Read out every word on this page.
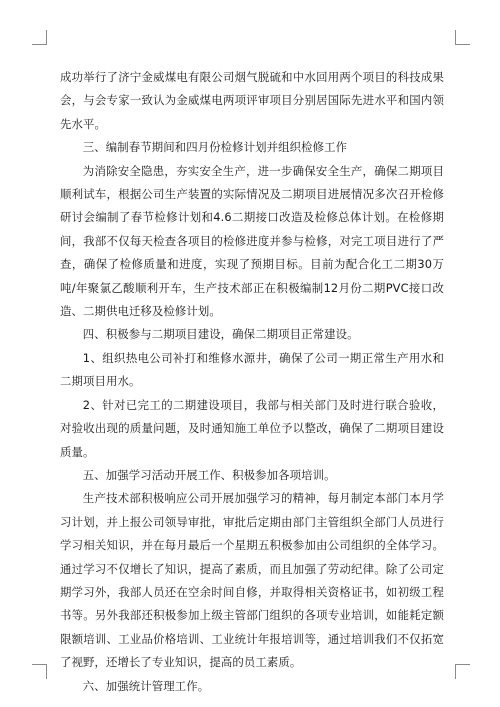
成功举行了济宁金威煤电有限公司烟气脱硫和中水回用两个项目的科技成果会，与会专家一致认为金威煤电两项评审项目分别居国际先进水平和国内领先水平。

三、编制春节期间和四月份检修计划并组织检修工作

为消除安全隐患，夯实安全生产，进一步确保安全生产，确保二期项目顺利试车，根据公司生产装置的实际情况及二期项目进展情况多次召开检修研讨会编制了春节检修计划和4.6二期接口改造及检修总体计划。在检修期间，我部不仅每天检查各项目的检修进度并参与检修，对完工项目进行了严查，确保了检修质量和进度，实现了预期目标。目前为配合化工二期30万吨/年聚氯乙酸顺利开车，生产技术部正在积极编制12月份二期PVC接口改造、二期供电迁移及检修计划。

四、积极参与二期项目建设，确保二期项目正常建设。

1、组织热电公司补打和维修水源井，确保了公司一期正常生产用水和二期项目用水。

2、针对已完工的二期建设项目，我部与相关部门及时进行联合验收，对验收出现的质量问题，及时通知施工单位予以整改，确保了二期项目建设质量。

五、加强学习活动开展工作、积极参加各项培训。

生产技术部积极响应公司开展加强学习的精神，每月制定本部门本月学习计划，并上报公司领导审批，审批后定期由部门主管组织全部门人员进行学习相关知识，并在每月最后一个星期五积极参加由公司组织的全体学习。通过学习不仅增长了知识，提高了素质，而且加强了劳动纪律。除了公司定期学习外，我部人员还在空余时间自修，并取得相关资格证书，如初级工程书等。另外我部还积极参加上级主管部门组织的各项专业培训，如能耗定额限额培训、工业品价格培训、工业统计年报培训等，通过培训我们不仅拓宽了视野，还增长了专业知识，提高的员工素质。

六、加强统计管理工作。
